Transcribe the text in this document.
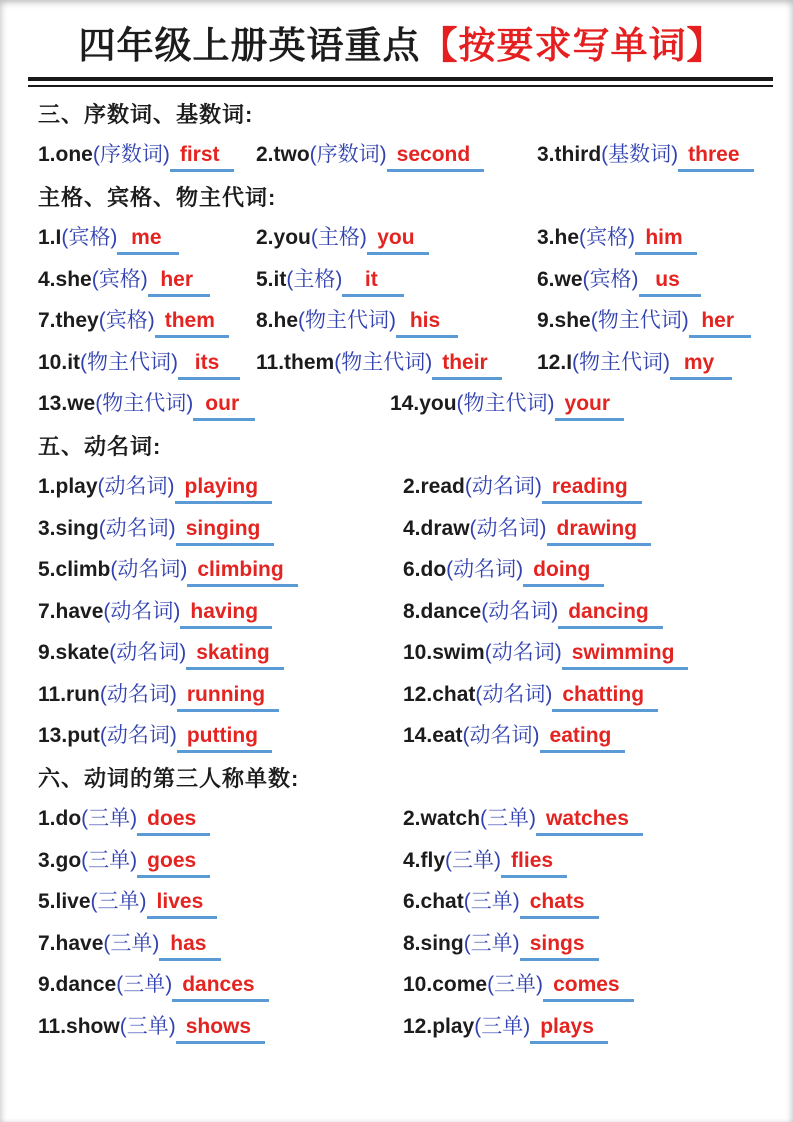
四年级上册英语重点【按要求写单词】
三、序数词、基数词:
1.one(序数词) first	2.two(序数词) second	3.third(基数词) three
主格、宾格、物主代词:
1.I(宾格) me	2.you(主格) you	3.he(宾格) him
4.she(宾格) her	5.it(主格) it	6.we(宾格) us
7.they(宾格) them	8.he(物主代词) his	9.she(物主代词) her
10.it(物主代词) its	11.them(物主代词) their	12.I(物主代词) my
13.we(物主代词) our	14.you(物主代词) your
五、动名词:
1.play(动名词) playing	2.read(动名词) reading
3.sing(动名词) singing	4.draw(动名词) drawing
5.climb(动名词) climbing	6.do(动名词) doing
7.have(动名词) having	8.dance(动名词) dancing
9.skate(动名词) skating	10.swim(动名词) swimming
11.run(动名词) running	12.chat(动名词) chatting
13.put(动名词) putting	14.eat(动名词) eating
六、动词的第三人称单数:
1.do(三单) does	2.watch(三单) watches
3.go(三单) goes	4.fly(三单) flies
5.live(三单) lives	6.chat(三单) chats
7.have(三单) has	8.sing(三单) sings
9.dance(三单) dances	10.come(三单) comes
11.show(三单) shows	12.play(三单) plays
